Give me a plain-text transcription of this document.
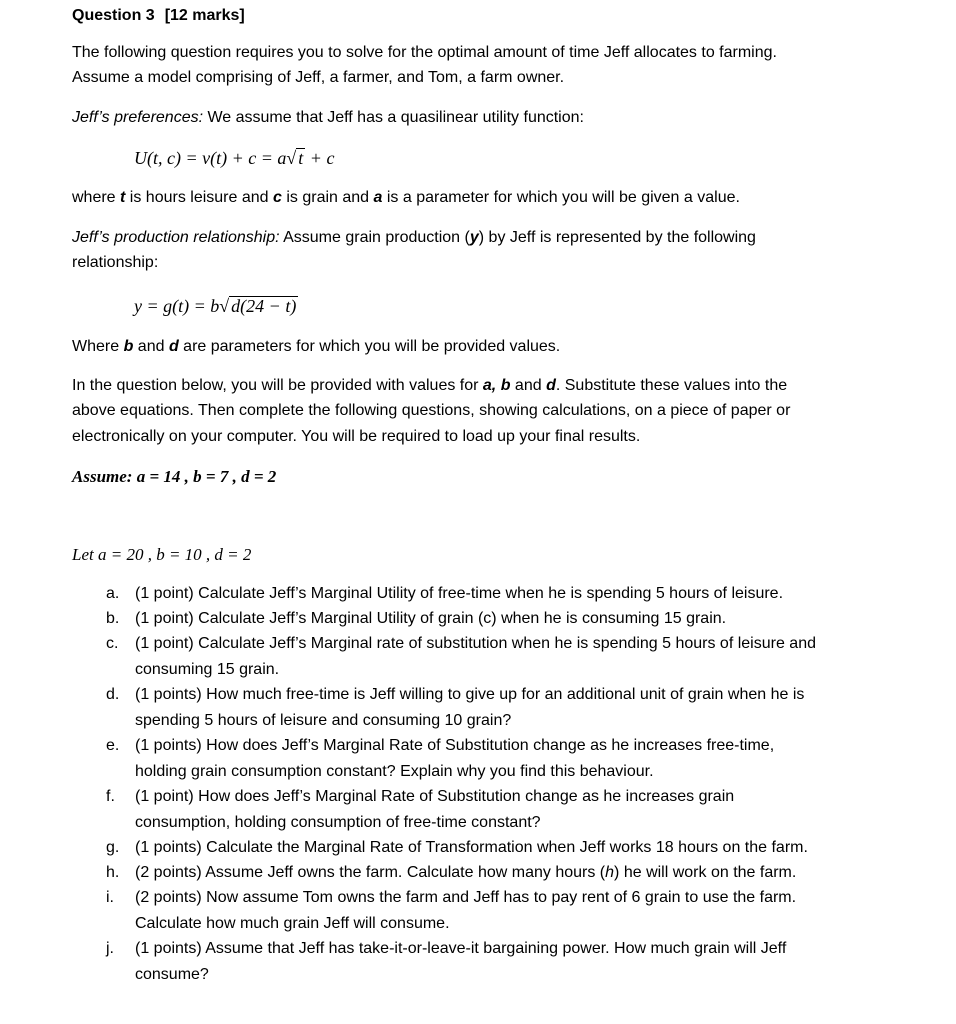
Question 3 [12 marks]
The following question requires you to solve for the optimal amount of time Jeff allocates to farming.
Assume a model comprising of Jeff, a farmer, and Tom, a farm owner.
Jeff’s preferences: We assume that Jeff has a quasilinear utility function:
U(t, c) = v(t) + c = a√ t + c
where t is hours leisure and c is grain and a is a parameter for which you will be given a value.
Jeff’s production relationship: Assume grain production (y) by Jeff is represented by the following
relationship:
y = g(t) = b√ d(24 − t)
Where b and d are parameters for which you will be provided values.
In the question below, you will be provided with values for a, b and d. Substitute these values into the
above equations. Then complete the following questions, showing calculations, on a piece of paper or
electronically on your computer. You will be required to load up your final results.
Assume: a = 14 , b = 7 , d = 2
Let a = 20 , b = 10 , d = 2
a. (1 point) Calculate Jeff’s Marginal Utility of free-time when he is spending 5 hours of leisure.
b. (1 point) Calculate Jeff’s Marginal Utility of grain (c) when he is consuming 15 grain.
c. (1 point) Calculate Jeff’s Marginal rate of substitution when he is spending 5 hours of leisure and
consuming 15 grain.
d. (1 points) How much free-time is Jeff willing to give up for an additional unit of grain when he is
spending 5 hours of leisure and consuming 10 grain?
e. (1 points) How does Jeff’s Marginal Rate of Substitution change as he increases free-time,
holding grain consumption constant? Explain why you find this behaviour.
f. (1 point) How does Jeff’s Marginal Rate of Substitution change as he increases grain
consumption, holding consumption of free-time constant?
g. (1 points) Calculate the Marginal Rate of Transformation when Jeff works 18 hours on the farm.
h. (2 points) Assume Jeff owns the farm. Calculate how many hours (h) he will work on the farm.
i. (2 points) Now assume Tom owns the farm and Jeff has to pay rent of 6 grain to use the farm.
Calculate how much grain Jeff will consume.
j. (1 points) Assume that Jeff has take-it-or-leave-it bargaining power. How much grain will Jeff
consume?
